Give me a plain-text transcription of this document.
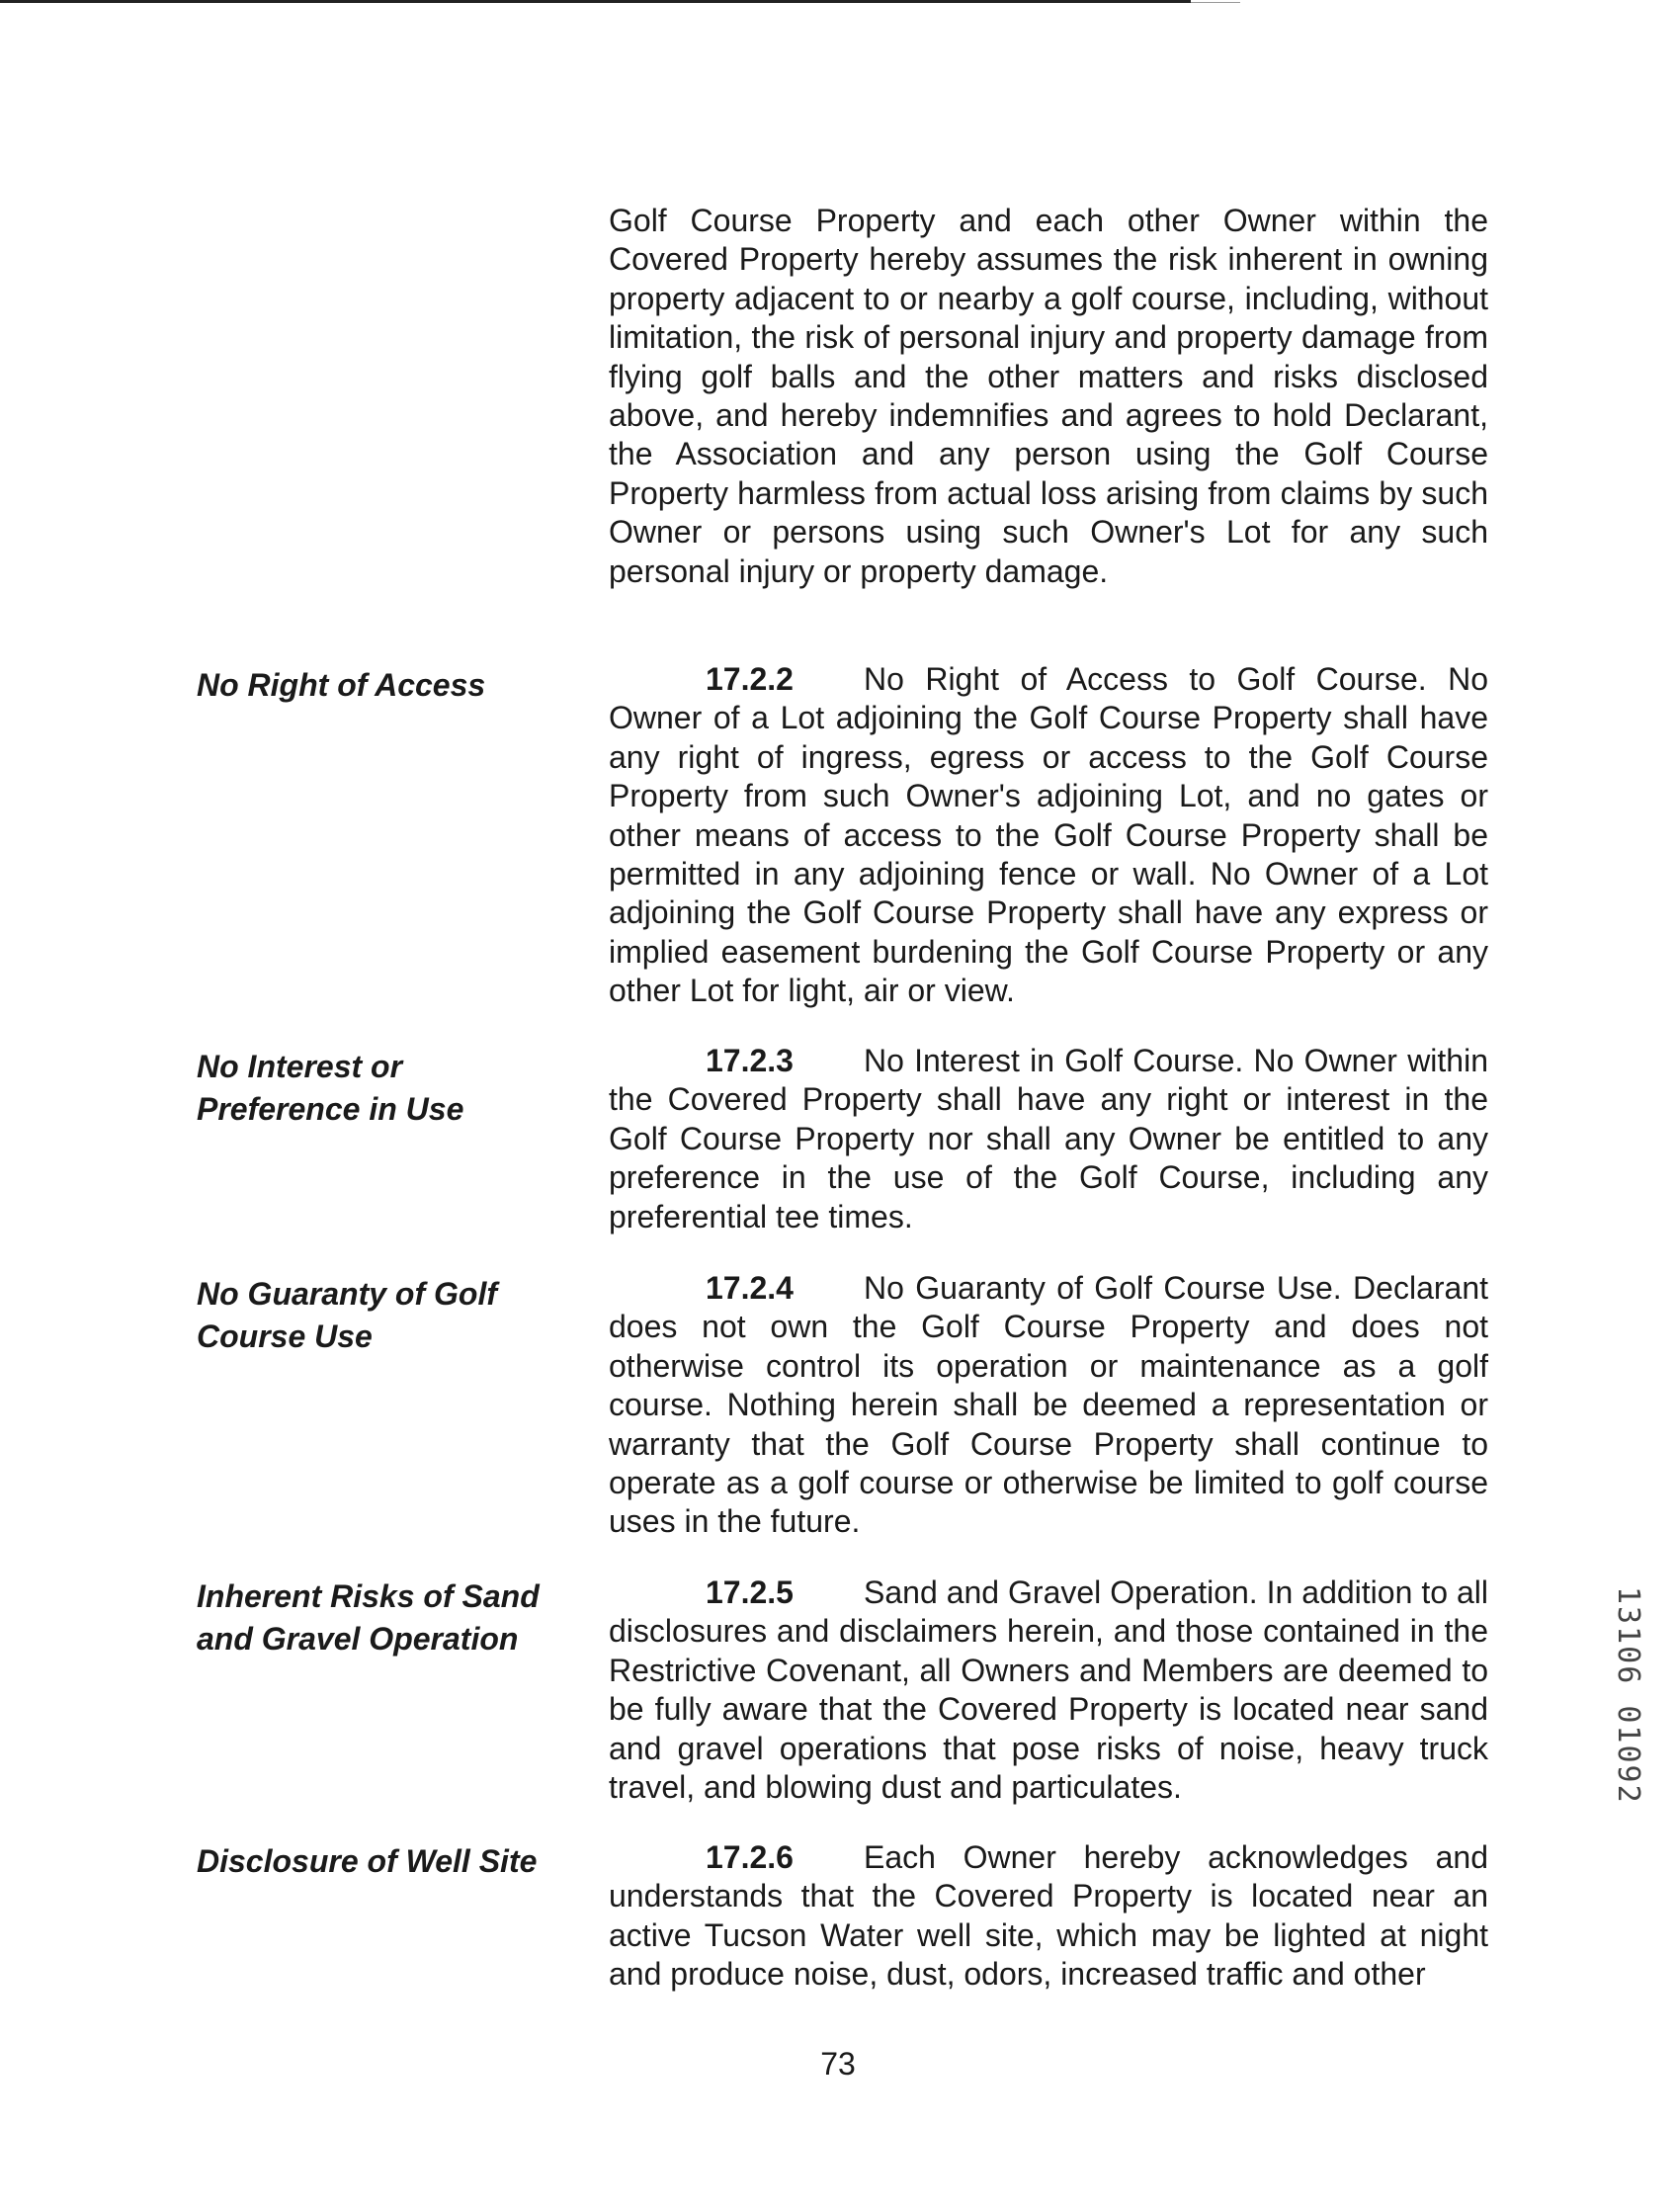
Golf Course Property and each other Owner within the Covered Property hereby assumes the risk inherent in owning property adjacent to or nearby a golf course, including, without limitation, the risk of personal injury and property damage from flying golf balls and the other matters and risks disclosed above, and hereby indemnifies and agrees to hold Declarant, the Association and any person using the Golf Course Property harmless from actual loss arising from claims by such Owner or persons using such Owner's Lot for any such personal injury or property damage.

No Right of Access	17.2.2 No Right of Access to Golf Course. No Owner of a Lot adjoining the Golf Course Property shall have any right of ingress, egress or access to the Golf Course Property from such Owner's adjoining Lot, and no gates or other means of access to the Golf Course Property shall be permitted in any adjoining fence or wall. No Owner of a Lot adjoining the Golf Course Property shall have any express or implied easement burdening the Golf Course Property or any other Lot for light, air or view.

No Interest or
Preference in Use

17.2.3 No Interest in Golf Course. No Owner within the Covered Property shall have any right or interest in the Golf Course Property nor shall any Owner be entitled to any preference in the use of the Golf Course, including any preferential tee times.

No Guaranty of Golf
Course Use

17.2.4 No Guaranty of Golf Course Use. Declarant does not own the Golf Course Property and does not otherwise control its operation or maintenance as a golf course. Nothing herein shall be deemed a representation or warranty that the Golf Course Property shall continue to operate as a golf course or otherwise be limited to golf course uses in the future.

Inherent Risks of Sand
and Gravel Operation

17.2.5 Sand and Gravel Operation. In addition to all disclosures and disclaimers herein, and those contained in the Restrictive Covenant, all Owners and Members are deemed to be fully aware that the Covered Property is located near sand and gravel operations that pose risks of noise, heavy truck travel, and blowing dust and particulates.

Disclosure of Well Site	17.2.6 Each Owner hereby acknowledges and understands that the Covered Property is located near an active Tucson Water well site, which may be lighted at night and produce noise, dust, odors, increased traffic and other

73
13106 01092
